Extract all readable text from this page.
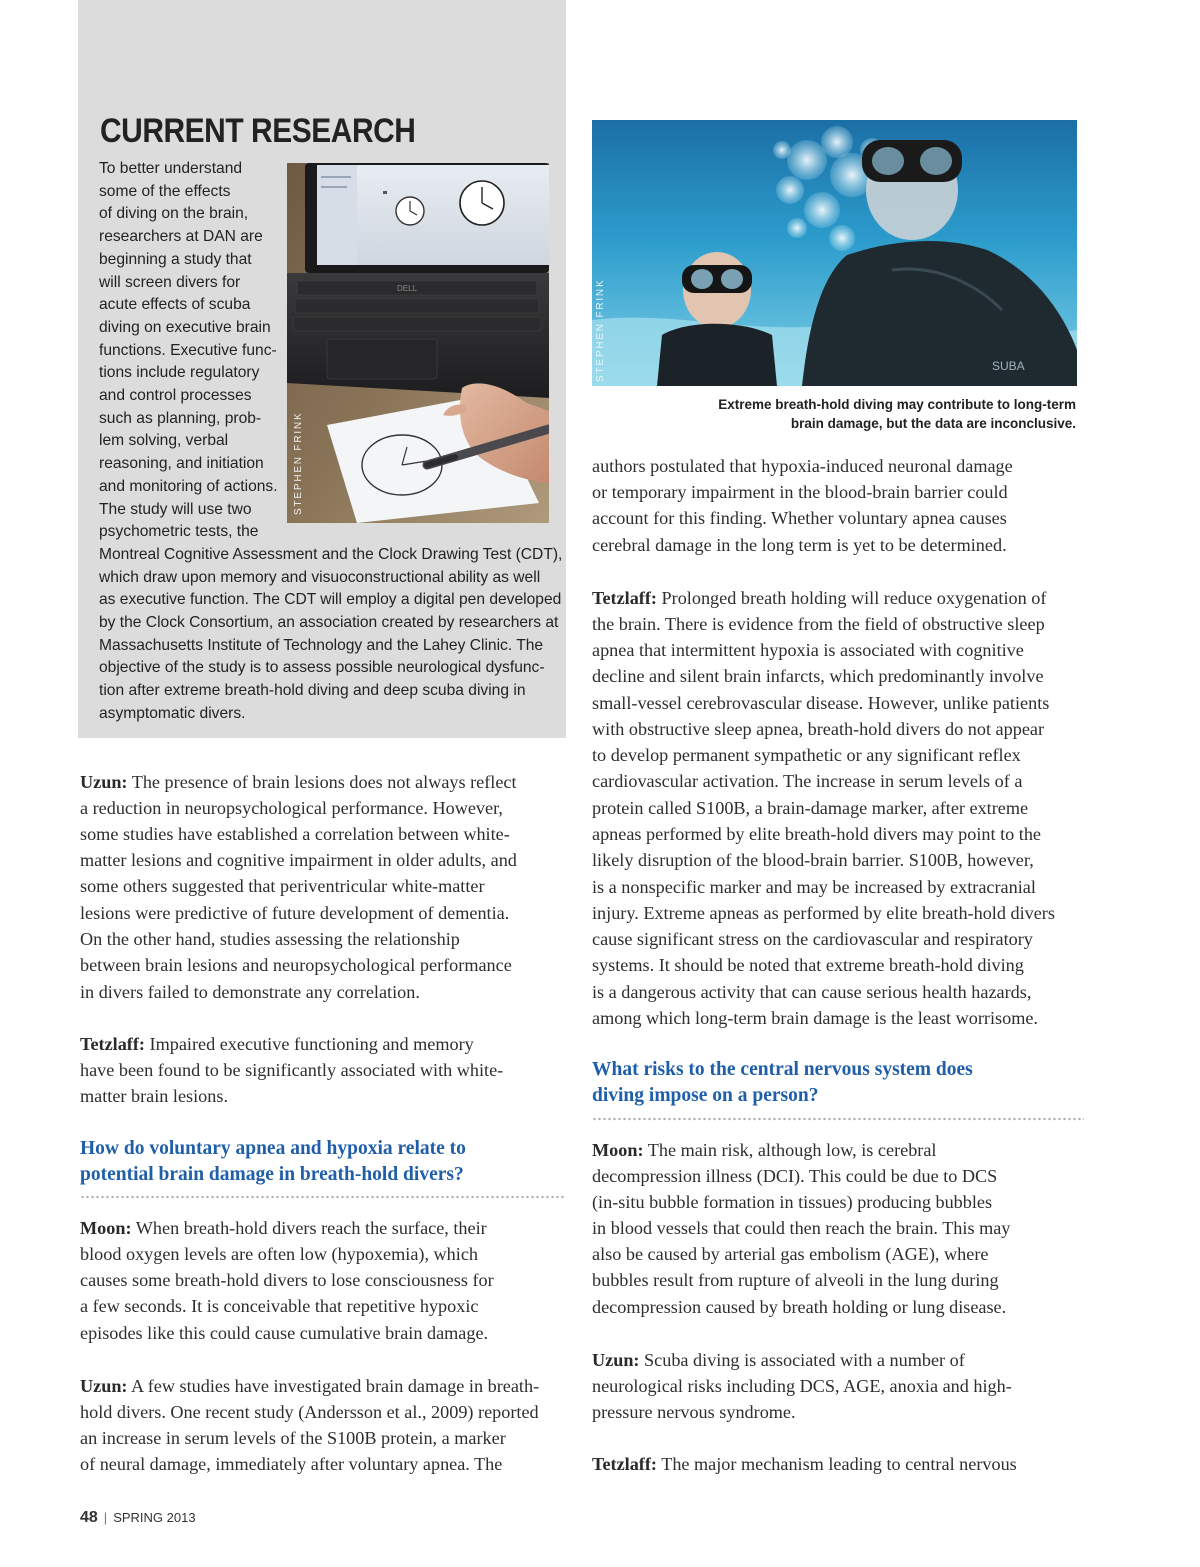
CURRENT RESEARCH
To better understand
some of the effects
of diving on the brain,
researchers at DAN are
beginning a study that
will screen divers for
acute effects of scuba
diving on executive brain
functions. Executive func-
tions include regulatory
and control processes
such as planning, prob-
lem solving, verbal
reasoning, and initiation
and monitoring of actions.
The study will use two
psychometric tests, the
Montreal Cognitive Assessment and the Clock Drawing Test (CDT),
which draw upon memory and visuoconstructional ability as well
as executive function. The CDT will employ a digital pen developed
by the Clock Consortium, an association created by researchers at
Massachusetts Institute of Technology and the Lahey Clinic. The
objective of the study is to assess possible neurological dysfunc-
tion after extreme breath-hold diving and deep scuba diving in
asymptomatic divers.
DELL
STEPHEN FRINK
SUBA
STEPHEN FRINK
Extreme breath-hold diving may contribute to long-term
brain damage, but the data are inconclusive.
Uzun: The presence of brain lesions does not always reflect
a reduction in neuropsychological performance. However,
some studies have established a correlation between white-
matter lesions and cognitive impairment in older adults, and
some others suggested that periventricular white-matter
lesions were predictive of future development of dementia.
On the other hand, studies assessing the relationship
between brain lesions and neuropsychological performance
in divers failed to demonstrate any correlation.
Tetzlaff: Impaired executive functioning and memory
have been found to be significantly associated with white-
matter brain lesions.
How do voluntary apnea and hypoxia relate to
potential brain damage in breath-hold divers?
Moon: When breath-hold divers reach the surface, their
blood oxygen levels are often low (hypoxemia), which
causes some breath-hold divers to lose consciousness for
a few seconds. It is conceivable that repetitive hypoxic
episodes like this could cause cumulative brain damage.
Uzun: A few studies have investigated brain damage in breath-
hold divers. One recent study (Andersson et al., 2009) reported
an increase in serum levels of the S100B protein, a marker
of neural damage, immediately after voluntary apnea. The
authors postulated that hypoxia-induced neuronal damage
or temporary impairment in the blood-brain barrier could
account for this finding. Whether voluntary apnea causes
cerebral damage in the long term is yet to be determined.
Tetzlaff: Prolonged breath holding will reduce oxygenation of
the brain. There is evidence from the field of obstructive sleep
apnea that intermittent hypoxia is associated with cognitive
decline and silent brain infarcts, which predominantly involve
small-vessel cerebrovascular disease. However, unlike patients
with obstructive sleep apnea, breath-hold divers do not appear
to develop permanent sympathetic or any significant reflex
cardiovascular activation. The increase in serum levels of a
protein called S100B, a brain-damage marker, after extreme
apneas performed by elite breath-hold divers may point to the
likely disruption of the blood-brain barrier. S100B, however,
is a nonspecific marker and may be increased by extracranial
injury. Extreme apneas as performed by elite breath-hold divers
cause significant stress on the cardiovascular and respiratory
systems. It should be noted that extreme breath-hold diving
is a dangerous activity that can cause serious health hazards,
among which long-term brain damage is the least worrisome.
What risks to the central nervous system does
diving impose on a person?
Moon: The main risk, although low, is cerebral
decompression illness (DCI). This could be due to DCS
(in-situ bubble formation in tissues) producing bubbles
in blood vessels that could then reach the brain. This may
also be caused by arterial gas embolism (AGE), where
bubbles result from rupture of alveoli in the lung during
decompression caused by breath holding or lung disease.
Uzun: Scuba diving is associated with a number of
neurological risks including DCS, AGE, anoxia and high-
pressure nervous syndrome.
Tetzlaff: The major mechanism leading to central nervous
48 | SPRING 2013
